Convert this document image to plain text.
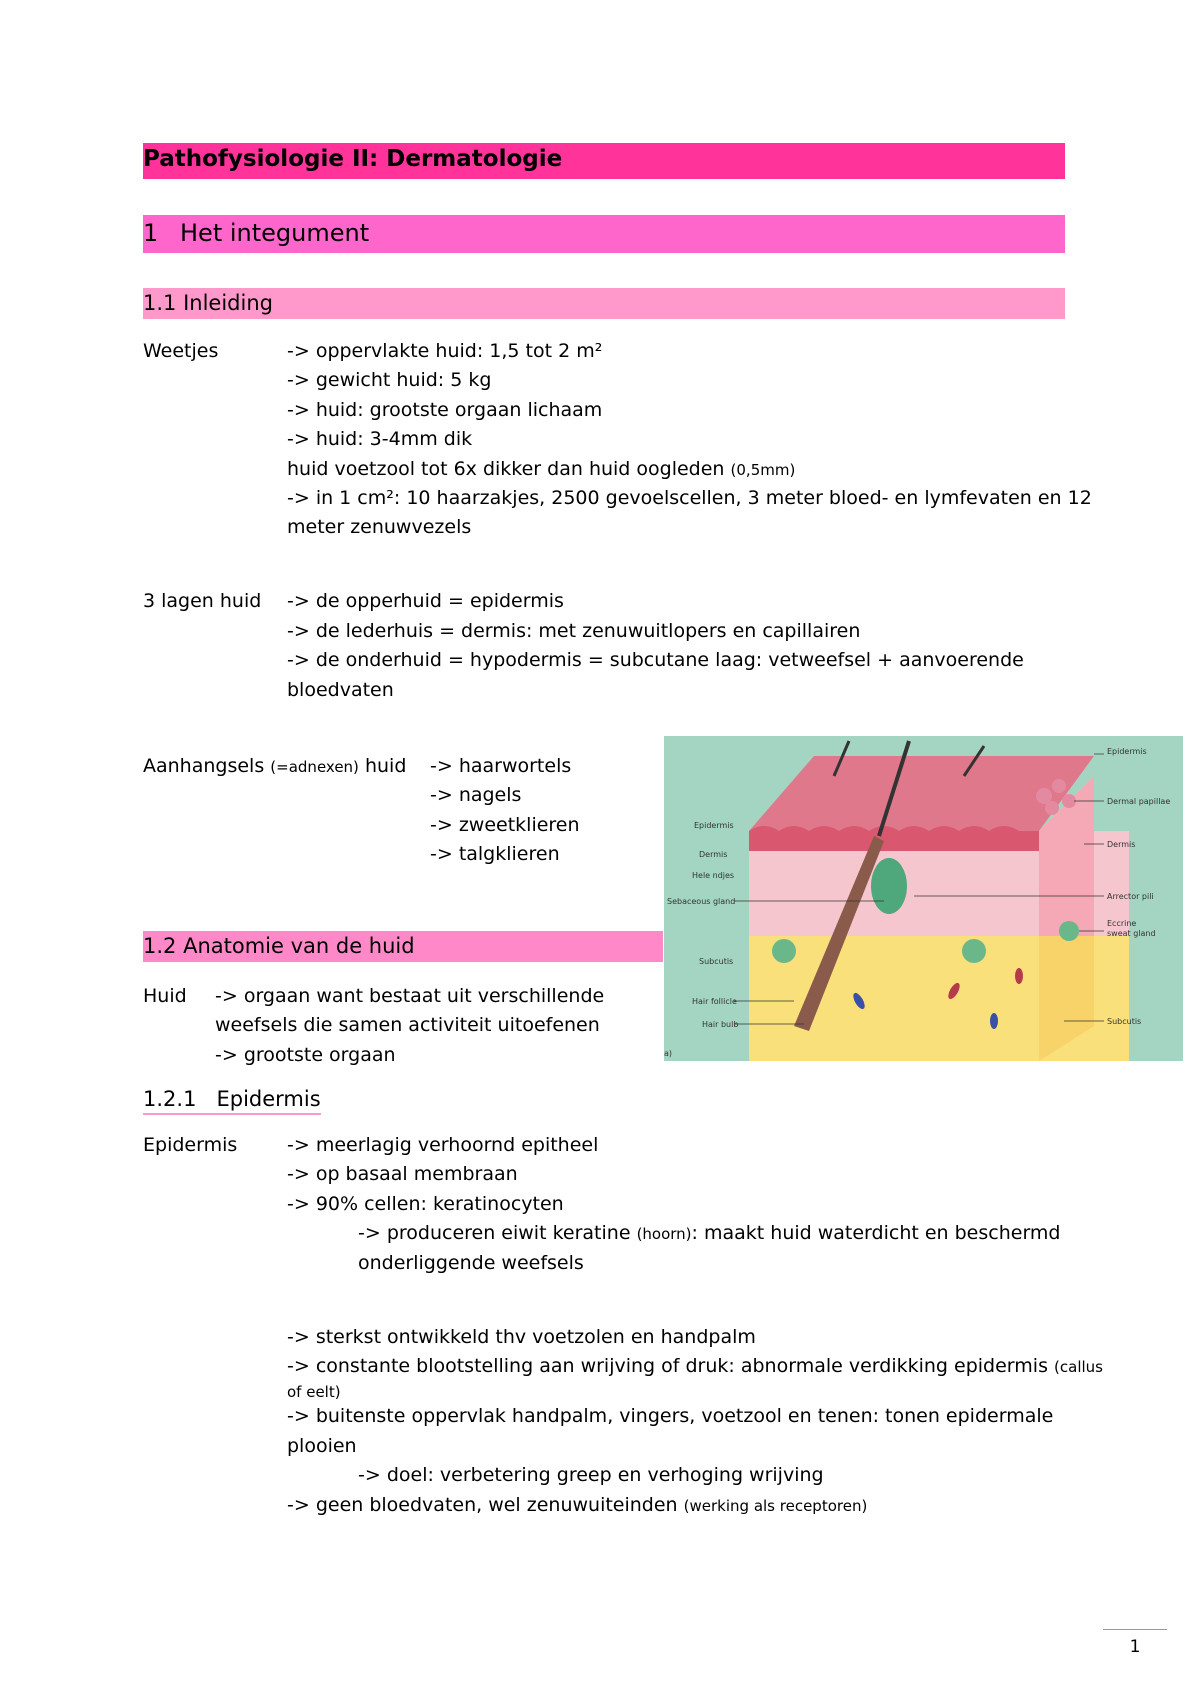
Pathofysiologie II: Dermatologie
1 Het integument
1.1 Inleiding
Weetjes	-> oppervlakte huid: 1,5 tot 2 m²
-> gewicht huid: 5 kg
-> huid: grootste orgaan lichaam
-> huid: 3-4mm dik
huid voetzool tot 6x dikker dan huid oogleden (0,5mm)
-> in 1 cm²: 10 haarzakjes, 2500 gevoelscellen, 3 meter bloed- en lymfevaten en 12
meter zenuwvezels
3 lagen huid -> de opperhuid = epidermis
-> de lederhuis = dermis: met zenuwuitlopers en capillairen
-> de onderhuid = hypodermis = subcutane laag: vetweefsel + aanvoerende
bloedvaten
Aanhangsels (=adnexen) huid -> haarwortels
-> nagels
-> zweetklieren
-> talgklieren
Epidermis
Dermal papillae
Dermis
Arrector pili
Eccrine
sweat gland
Subcutis
Epidermis
Dermis
Hele ndjes
Sebaceous gland
Subcutis
Hair follicle
Hair bulb
a)
1.2 Anatomie van de huid
Huid -> orgaan want bestaat uit verschillende
weefsels die samen activiteit uitoefenen
-> grootste orgaan
1.2.1 Epidermis
Epidermis	-> meerlagig verhoornd epitheel
-> op basaal membraan
-> 90% cellen: keratinocyten
-> produceren eiwit keratine (hoorn): maakt huid waterdicht en beschermd
onderliggende weefsels
-> sterkst ontwikkeld thv voetzolen en handpalm
-> constante blootstelling aan wrijving of druk: abnormale verdikking epidermis (callus
of eelt)
-> buitenste oppervlak handpalm, vingers, voetzool en tenen: tonen epidermale
plooien
-> doel: verbetering greep en verhoging wrijving
-> geen bloedvaten, wel zenuwuiteinden (werking als receptoren)
1
